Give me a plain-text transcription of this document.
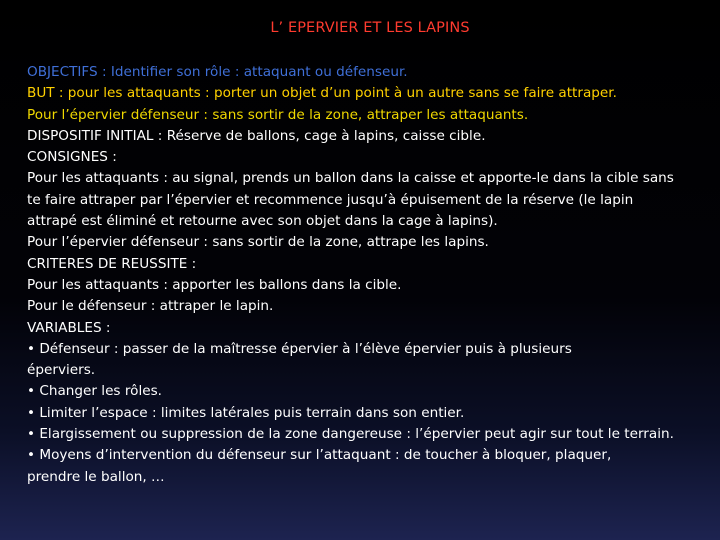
L’ EPERVIER ET LES LAPINS
OBJECTIFS : Identifier son rôle : attaquant ou défenseur.
BUT : pour les attaquants : porter un objet d’un point à un autre sans se faire attraper.
Pour l’épervier défenseur : sans sortir de la zone, attraper les attaquants.
DISPOSITIF INITIAL : Réserve de ballons, cage à lapins, caisse cible.
CONSIGNES :
Pour les attaquants : au signal, prends un ballon dans la caisse et apporte-le dans la cible sans
te faire attraper par l’épervier et recommence jusqu’à épuisement de la réserve (le lapin
attrapé est éliminé et retourne avec son objet dans la cage à lapins).
Pour l’épervier défenseur : sans sortir de la zone, attrape les lapins.
CRITERES DE REUSSITE :
Pour les attaquants : apporter les ballons dans la cible.
Pour le défenseur : attraper le lapin.
VARIABLES :
• Défenseur : passer de la maîtresse épervier à l’élève épervier puis à plusieurs
éperviers.
• Changer les rôles.
• Limiter l’espace : limites latérales puis terrain dans son entier.
• Elargissement ou suppression de la zone dangereuse : l’épervier peut agir sur tout le terrain.
• Moyens d’intervention du défenseur sur l’attaquant : de toucher à bloquer, plaquer,
prendre le ballon, …
